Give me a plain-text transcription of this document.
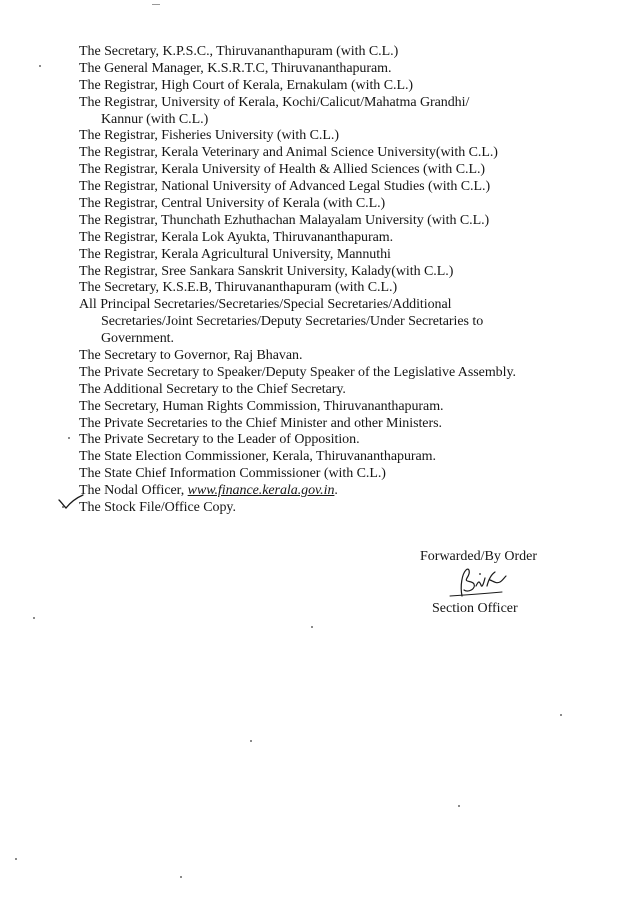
The Secretary, K.P.S.C., Thiruvananthapuram (with C.L.)
The General Manager, K.S.R.T.C, Thiruvananthapuram.
The Registrar, High Court of Kerala, Ernakulam (with C.L.)
The Registrar, University of Kerala, Kochi/Calicut/Mahatma Grandhi/
Kannur (with C.L.)
The Registrar, Fisheries University (with C.L.)
The Registrar, Kerala Veterinary and Animal Science University(with C.L.)
The Registrar, Kerala University of Health & Allied Sciences (with C.L.)
The Registrar, National University of Advanced Legal Studies (with C.L.)
The Registrar, Central University of Kerala (with C.L.)
The Registrar, Thunchath Ezhuthachan Malayalam University (with C.L.)
The Registrar, Kerala Lok Ayukta, Thiruvananthapuram.
The Registrar, Kerala Agricultural University, Mannuthi
The Registrar, Sree Sankara Sanskrit University, Kalady(with C.L.)
The Secretary, K.S.E.B, Thiruvananthapuram (with C.L.)
All Principal Secretaries/Secretaries/Special Secretaries/Additional
Secretaries/Joint Secretaries/Deputy Secretaries/Under Secretaries to
Government.
The Secretary to Governor, Raj Bhavan.
The Private Secretary to Speaker/Deputy Speaker of the Legislative Assembly.
The Additional Secretary to the Chief Secretary.
The Secretary, Human Rights Commission, Thiruvananthapuram.
The Private Secretaries to the Chief Minister and other Ministers.
The Private Secretary to the Leader of Opposition.
The State Election Commissioner, Kerala, Thiruvananthapuram.
The State Chief Information Commissioner (with C.L.)
The Nodal Officer, www.finance.kerala.gov.in.
The Stock File/Office Copy.
Forwarded/By Order
Section Officer
